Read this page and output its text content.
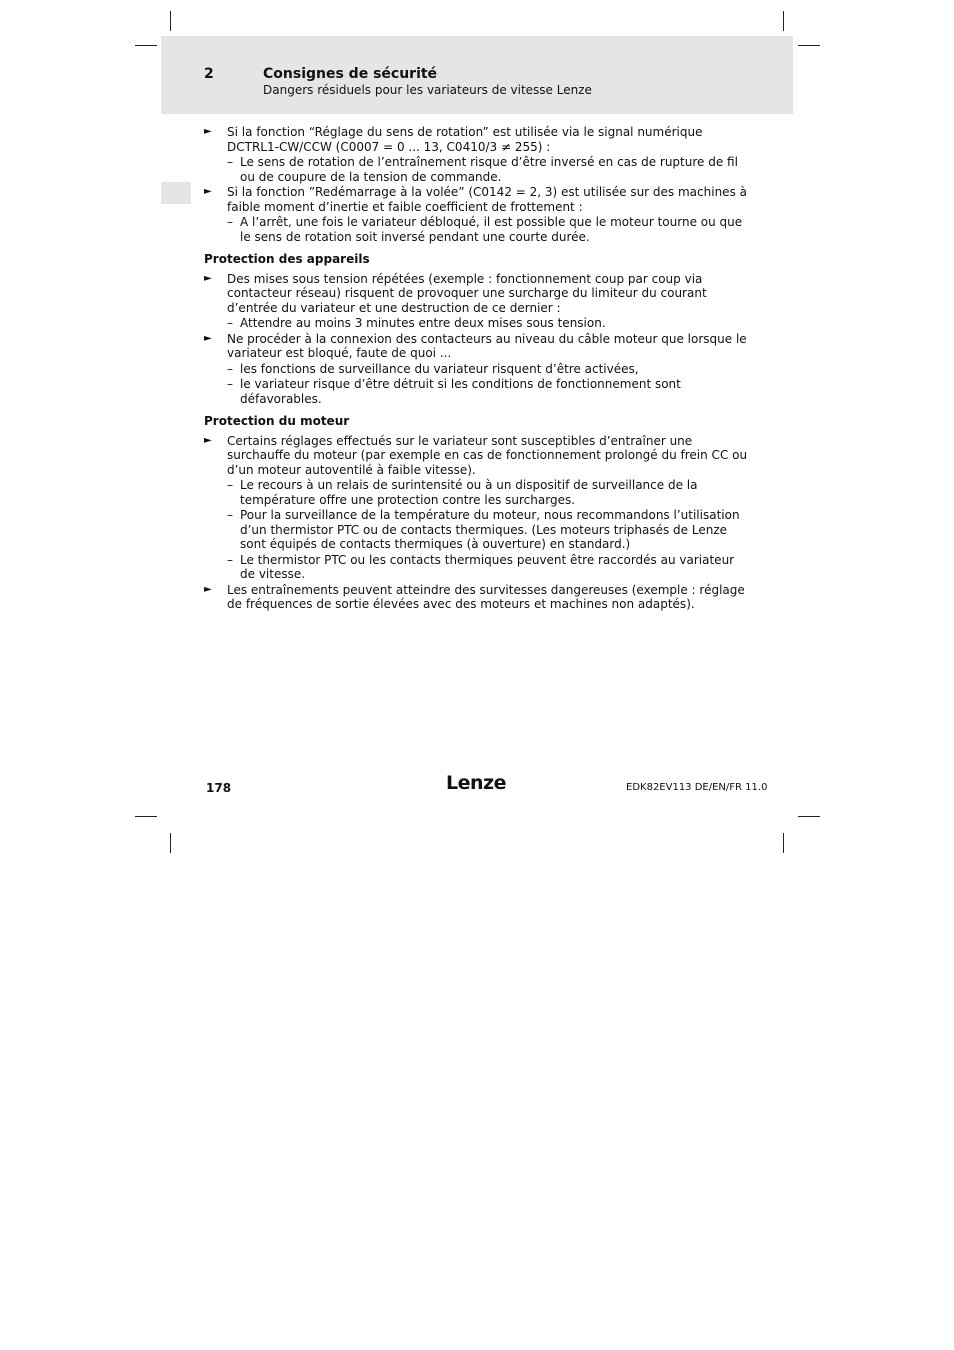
2	Consignes de sécurité
Dangers résiduels pour les variateurs de vitesse Lenze
► Si la fonction “Réglage du sens de rotation” est utilisée via le signal numérique DCTRL1-CW/CCW (C0007 = 0 ... 13, C0410/3 ≠ 255) :
– Le sens de rotation de l’entraînement risque d’être inversé en cas de rupture de fil ou de coupure de la tension de commande.
► Si la fonction ”Redémarrage à la volée” (C0142 = 2, 3) est utilisée sur des machines à faible moment d’inertie et faible coefficient de frottement :
– A l’arrêt, une fois le variateur débloqué, il est possible que le moteur tourne ou que le sens de rotation soit inversé pendant une courte durée.
Protection des appareils
► Des mises sous tension répétées (exemple : fonctionnement coup par coup via contacteur réseau) risquent de provoquer une surcharge du limiteur du courant d’entrée du variateur et une destruction de ce dernier :
– Attendre au moins 3 minutes entre deux mises sous tension.
► Ne procéder à la connexion des contacteurs au niveau du câble moteur que lorsque le variateur est bloqué, faute de quoi ...
– les fonctions de surveillance du variateur risquent d’être activées,
– le variateur risque d’être détruit si les conditions de fonctionnement sont défavorables.
Protection du moteur
► Certains réglages effectués sur le variateur sont susceptibles d’entraîner une surchauffe du moteur (par exemple en cas de fonctionnement prolongé du frein CC ou d’un moteur autoventilé à faible vitesse).
– Le recours à un relais de surintensité ou à un dispositif de surveillance de la température offre une protection contre les surcharges.
– Pour la surveillance de la température du moteur, nous recommandons l’utilisation d’un thermistor PTC ou de contacts thermiques. (Les moteurs triphasés de Lenze sont équipés de contacts thermiques (à ouverture) en standard.)
– Le thermistor PTC ou les contacts thermiques peuvent être raccordés au variateur de vitesse.
► Les entraînements peuvent atteindre des survitesses dangereuses (exemple : réglage de fréquences de sortie élevées avec des moteurs et machines non adaptés).
178	Lenze	EDK82EV113 DE/EN/FR 11.0
